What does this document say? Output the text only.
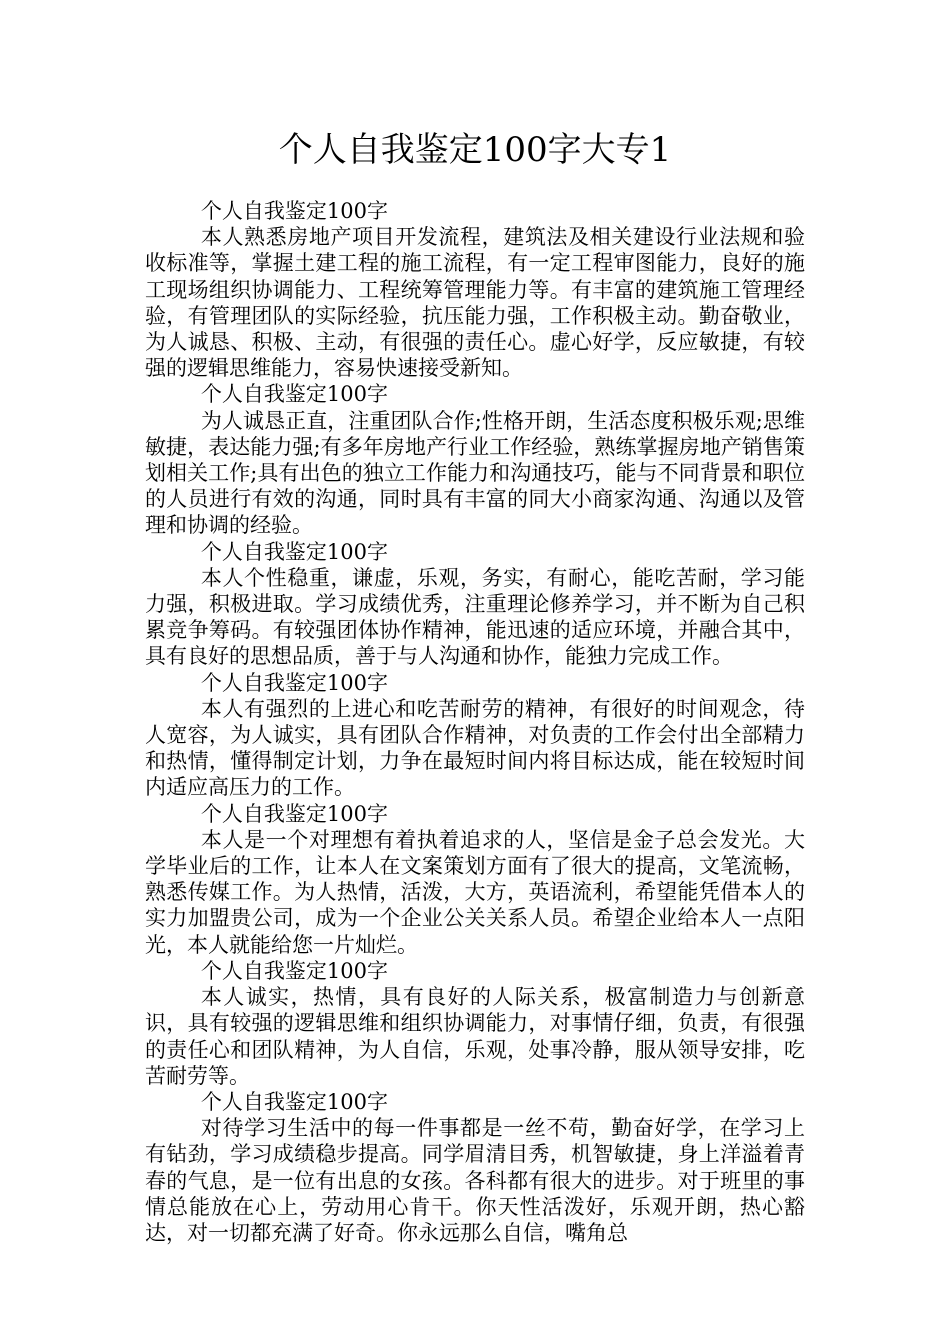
个人自我鉴定100字大专1

个人自我鉴定100字

本人熟悉房地产项目开发流程，建筑法及相关建设行业法规和验收标准等，掌握土建工程的施工流程，有一定工程审图能力，良好的施工现场组织协调能力、工程统筹管理能力等。有丰富的建筑施工管理经验，有管理团队的实际经验，抗压能力强，工作积极主动。勤奋敬业，为人诚恳、积极、主动，有很强的责任心。虚心好学，反应敏捷，有较强的逻辑思维能力，容易快速接受新知。

个人自我鉴定100字

为人诚恳正直，注重团队合作;性格开朗，生活态度积极乐观;思维敏捷，表达能力强;有多年房地产行业工作经验，熟练掌握房地产销售策划相关工作;具有出色的独立工作能力和沟通技巧，能与不同背景和职位的人员进行有效的沟通，同时具有丰富的同大小商家沟通、沟通以及管理和协调的经验。

个人自我鉴定100字

本人个性稳重，谦虚，乐观，务实，有耐心，能吃苦耐，学习能力强，积极进取。学习成绩优秀，注重理论修养学习，并不断为自己积累竞争筹码。有较强团体协作精神，能迅速的适应环境，并融合其中，具有良好的思想品质，善于与人沟通和协作，能独力完成工作。

个人自我鉴定100字

本人有强烈的上进心和吃苦耐劳的精神，有很好的时间观念，待人宽容，为人诚实，具有团队合作精神，对负责的工作会付出全部精力和热情，懂得制定计划，力争在最短时间内将目标达成，能在较短时间内适应高压力的工作。

个人自我鉴定100字

本人是一个对理想有着执着追求的人，坚信是金子总会发光。大学毕业后的工作，让本人在文案策划方面有了很大的提高，文笔流畅，熟悉传媒工作。为人热情，活泼，大方，英语流利，希望能凭借本人的实力加盟贵公司，成为一个企业公关关系人员。希望企业给本人一点阳光，本人就能给您一片灿烂。

个人自我鉴定100字

本人诚实，热情，具有良好的人际关系，极富制造力与创新意识，具有较强的逻辑思维和组织协调能力，对事情仔细，负责，有很强的责任心和团队精神，为人自信，乐观，处事冷静，服从领导安排，吃苦耐劳等。

个人自我鉴定100字

对待学习生活中的每一件事都是一丝不苟，勤奋好学，在学习上有钻劲，学习成绩稳步提高。同学眉清目秀，机智敏捷，身上洋溢着青春的气息，是一位有出息的女孩。各科都有很大的进步。对于班里的事情总能放在心上，劳动用心肯干。你天性活泼好，乐观开朗，热心豁达，对一切都充满了好奇。你永远那么自信，嘴角总
